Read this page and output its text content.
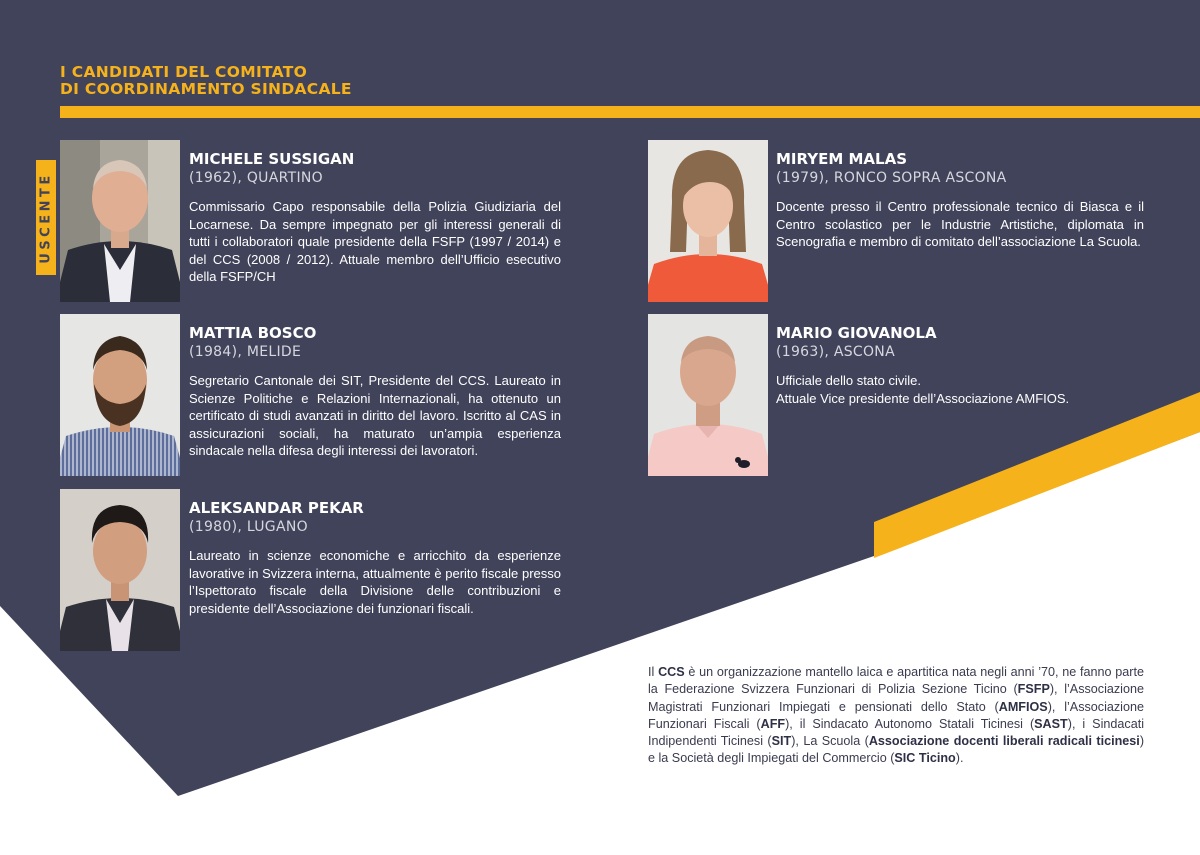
I CANDIDATI DEL COMITATO
DI COORDINAMENTO SINDACALE
USCENTE
MICHELE SUSSIGAN
(1962), QUARTINO
Commissario Capo responsabile della Polizia Giudiziaria del Locarnese. Da sempre impegnato per gli interessi generali di tutti i collaboratori quale presidente della FSFP (1997 / 2014) e del CCS (2008 / 2012). Attuale membro dell’Ufficio esecutivo della FSFP/CH
MATTIA BOSCO
(1984), MELIDE
Segretario Cantonale dei SIT, Presidente del CCS. Laureato in Scienze Politiche e Relazioni Internazionali, ha ottenuto un certificato di studi avanzati in diritto del lavoro. Iscritto al CAS in assicurazioni sociali, ha maturato un’ampia esperienza sindacale nella difesa degli interessi dei lavoratori.
ALEKSANDAR PEKAR
(1980), LUGANO
Laureato in scienze economiche e arricchito da esperienze lavorative in Svizzera interna, attualmente è perito fiscale presso l’Ispettorato fiscale della Divisione delle contribuzioni e presidente dell’Associazione dei funzionari fiscali.
MIRYEM MALAS
(1979), RONCO SOPRA ASCONA
Docente presso il Centro professionale tecnico di Biasca e il Centro scolastico per le Industrie Artistiche, diplomata in Scenografia e membro di comitato dell’associazione La Scuola.
MARIO GIOVANOLA
(1963), ASCONA
Ufficiale dello stato civile.
Attuale Vice presidente dell’Associazione AMFIOS.
Il CCS è un organizzazione mantello laica e apartitica nata negli anni ’70, ne fanno parte la Federazione Svizzera Funzionari di Polizia Sezione Ticino (FSFP), l’Associazione Magistrati Funzionari Impiegati e pensionati dello Stato (AMFIOS), l’Associazione Funzionari Fiscali (AFF), il Sindacato Autonomo Statali Ticinesi (SAST), i Sindacati Indipendenti Ticinesi (SIT), La Scuola (Associazione docenti liberali radicali ticinesi) e la Società degli Impiegati del Commercio (SIC Ticino).
